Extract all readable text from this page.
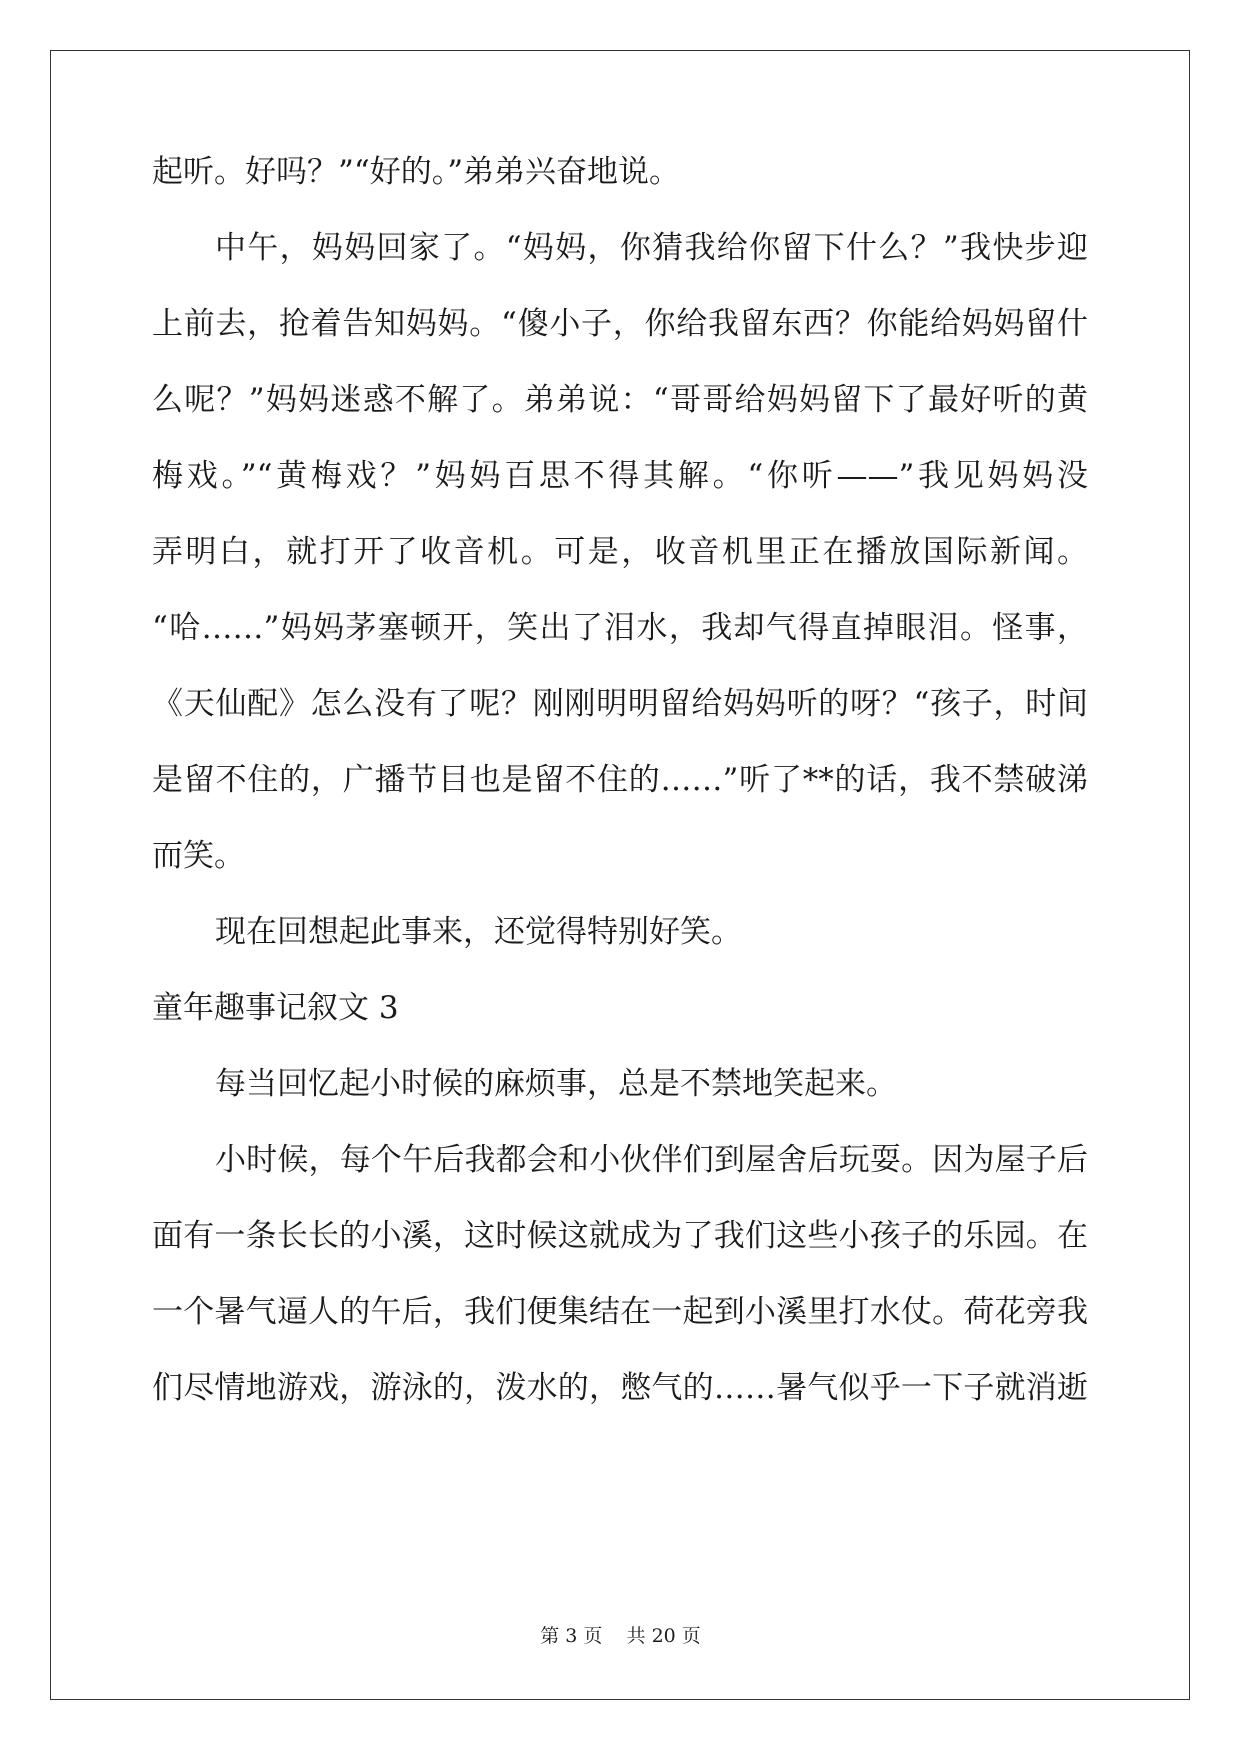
起听。好吗？”“好的。”弟弟兴奋地说。
中午，妈妈回家了。“妈妈，你猜我给你留下什么？”我快步迎
上前去，抢着告知妈妈。“傻小子，你给我留东西？你能给妈妈留什
么呢？”妈妈迷惑不解了。弟弟说：“哥哥给妈妈留下了最好听的黄
梅戏。”“黄梅戏？”妈妈百思不得其解。“你听——”我见妈妈没
弄明白，就打开了收音机。可是，收音机里正在播放国际新闻。
“哈……”妈妈茅塞顿开，笑出了泪水，我却气得直掉眼泪。怪事，
《天仙配》怎么没有了呢？刚刚明明留给妈妈听的呀？“孩子，时间
是留不住的，广播节目也是留不住的……”听了**的话，我不禁破涕
而笑。
现在回想起此事来，还觉得特别好笑。
童年趣事记叙文 3
每当回忆起小时候的麻烦事，总是不禁地笑起来。
小时候，每个午后我都会和小伙伴们到屋舍后玩耍。因为屋子后
面有一条长长的小溪，这时候这就成为了我们这些小孩子的乐园。在
一个暑气逼人的午后，我们便集结在一起到小溪里打水仗。荷花旁我
们尽情地游戏，游泳的，泼水的，憋气的……暑气似乎一下子就消逝
第 3 页 共 20 页
